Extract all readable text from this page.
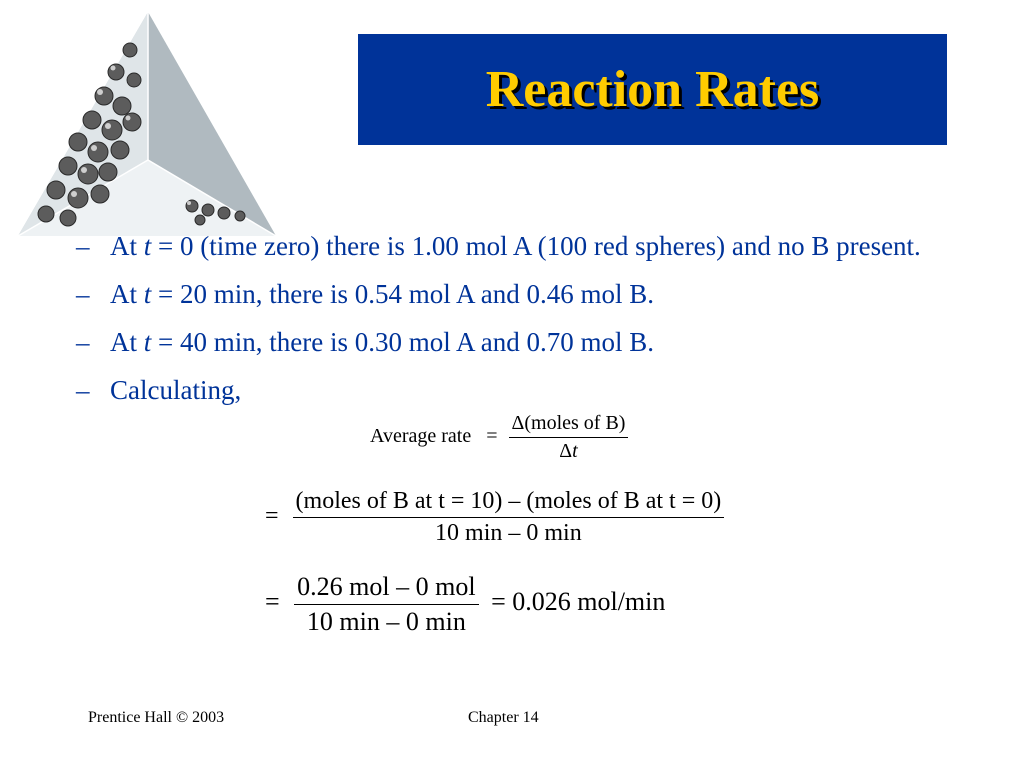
Reaction Rates
– At t = 0 (time zero) there is 1.00 mol A (100 red spheres) and no B present.
– At t = 20 min, there is 0.54 mol A and 0.46 mol B.
– At t = 40 min, there is 0.30 mol A and 0.70 mol B.
– Calculating,
Average rate = $\frac{\text{Δ(moles of B)}}{\Delta t}$
= $\frac{\text{(moles of B at t = 10) – (moles of B at t = 0)}}{10 \min - 0 \min}$
= $\frac{\text{0.26 mol – 0 mol}}{10 \min - 0 \min} = 0.026$ mol/min
Prentice Hall © 2003	Chapter 14
